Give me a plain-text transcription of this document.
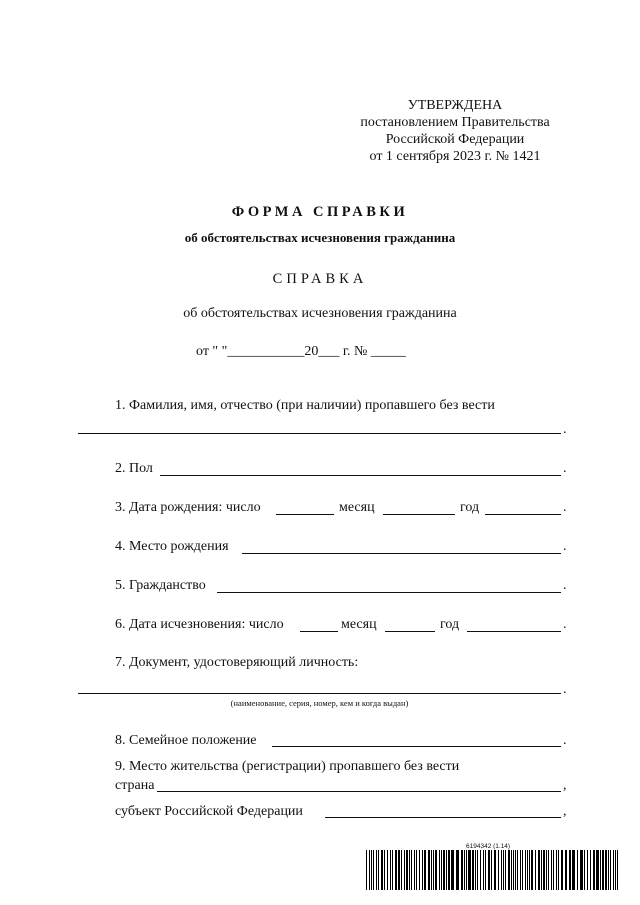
УТВЕРЖДЕНА
постановлением Правительства
Российской Федерации
от 1 сентября 2023 г. № 1421
ФОРМА СПРАВКИ
об обстоятельствах исчезновения гражданина
СПРАВКА
об обстоятельствах исчезновения гражданина
от " "___________20___ г. № _____
1. Фамилия, имя, отчество (при наличии) пропавшего без вести
.
2. Пол	.
3. Дата рождения: число	месяц	год	.
4. Место рождения	.
5. Гражданство	.
6. Дата исчезновения: число	месяц	год	.
7. Документ, удостоверяющий личность:
.
(наименование, серия, номер, кем и когда выдан)
8. Семейное положение	.
9. Место жительства (регистрации) пропавшего без вести
страна	,
субъект Российской Федерации	,
6194342 (1.14)
